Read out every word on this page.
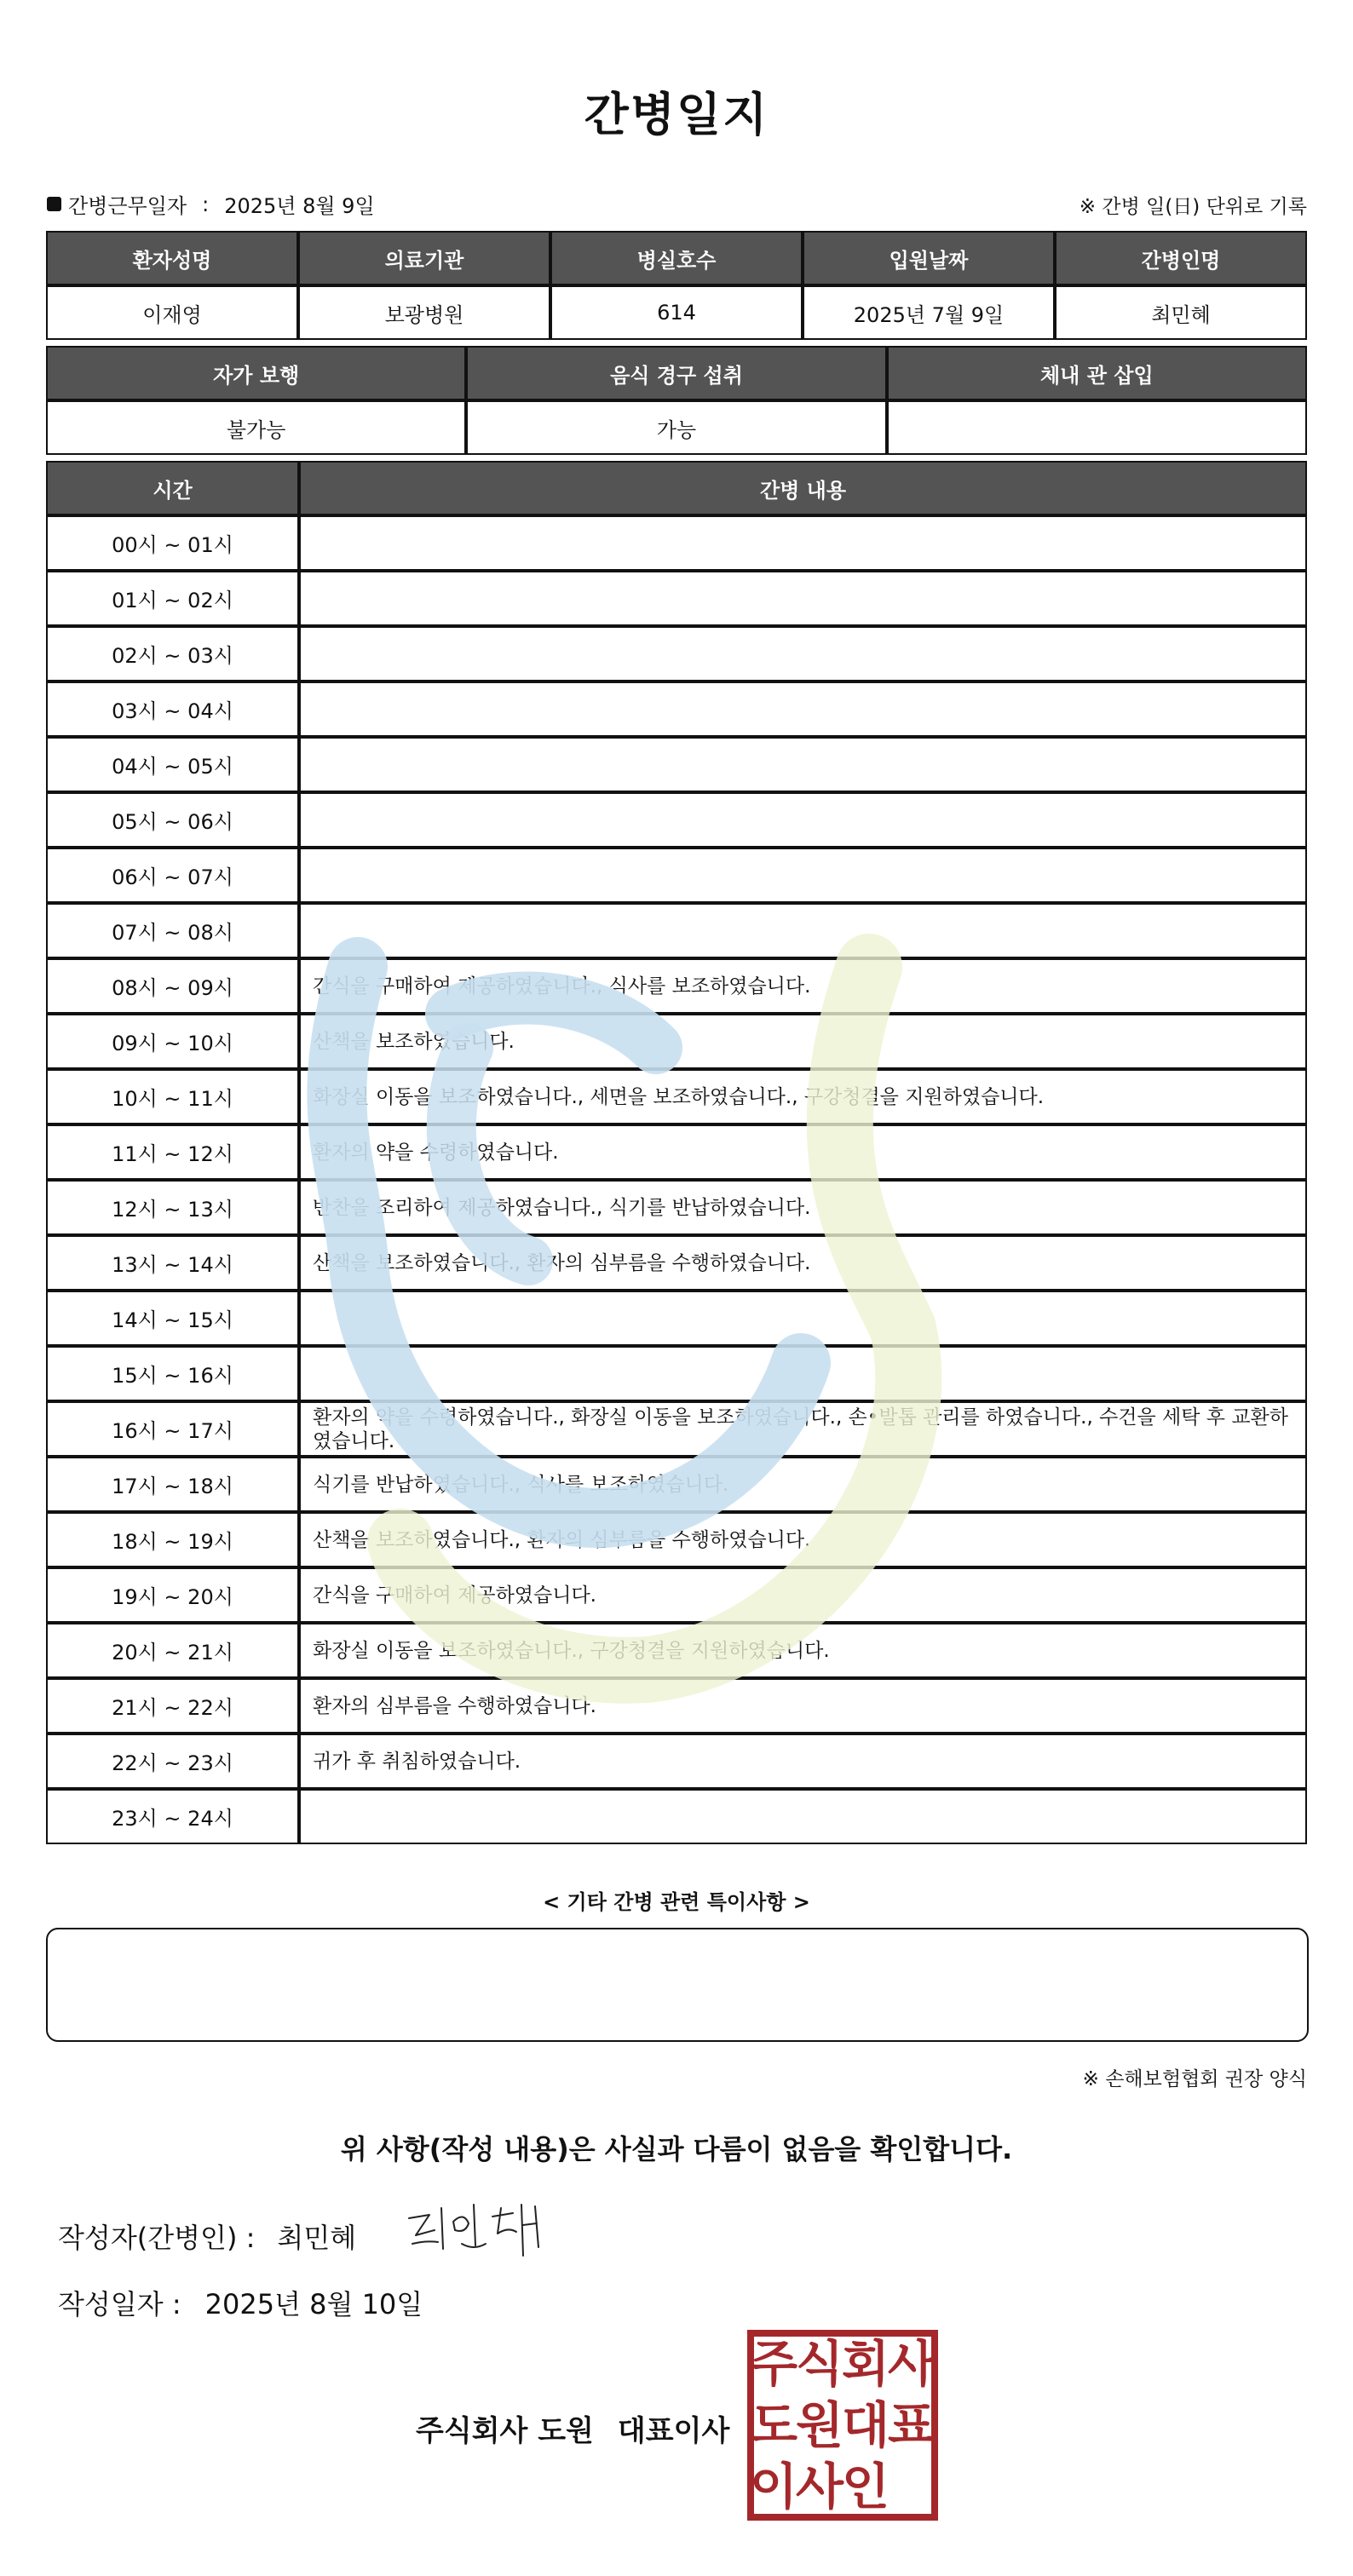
간병일지
간병근무일자 : 2025년 8월 9일	※ 간병 일(日) 단위로 기록
환자성명	의료기관	병실호수	입원날짜	간병인명
이재영	보광병원	614	2025년 7월 9일	최민혜
자가 보행	음식 경구 섭취	체내 관 삽입
불가능	가능	
시간	간병 내용
00시 ~ 01시	
01시 ~ 02시	
02시 ~ 03시	
03시 ~ 04시	
04시 ~ 05시	
05시 ~ 06시	
06시 ~ 07시	
07시 ~ 08시	
08시 ~ 09시	간식을 구매하여 제공하였습니다., 식사를 보조하였습니다.
09시 ~ 10시	산책을 보조하였습니다.
10시 ~ 11시	화장실 이동을 보조하였습니다., 세면을 보조하였습니다., 구강청결을 지원하였습니다.
11시 ~ 12시	환자의 약을 수령하였습니다.
12시 ~ 13시	반찬을 조리하여 제공하였습니다., 식기를 반납하였습니다.
13시 ~ 14시	산책을 보조하였습니다., 환자의 심부름을 수행하였습니다.
14시 ~ 15시	
15시 ~ 16시	
16시 ~ 17시	환자의 약을 수령하였습니다., 화장실 이동을 보조하였습니다., 손•발톱 관리를 하였습니다., 수건을 세탁 후 교환하였습니다.
17시 ~ 18시	식기를 반납하였습니다., 식사를 보조하였습니다.
18시 ~ 19시	산책을 보조하였습니다., 환자의 심부름을 수행하였습니다.
19시 ~ 20시	간식을 구매하여 제공하였습니다.
20시 ~ 21시	화장실 이동을 보조하였습니다., 구강청결을 지원하였습니다.
21시 ~ 22시	환자의 심부름을 수행하였습니다.
22시 ~ 23시	귀가 후 취침하였습니다.
23시 ~ 24시	
< 기타 간병 관련 특이사항 >
※ 손해보험협회 권장 양식
위 사항(작성 내용)은 사실과 다름이 없음을 확인합니다.
작성자(간병인) : 최민혜
작성일자 : 2025년 8월 10일
주식회사 도원 대표이사
주
식
회
사
도
원
대
표
이
사
인
